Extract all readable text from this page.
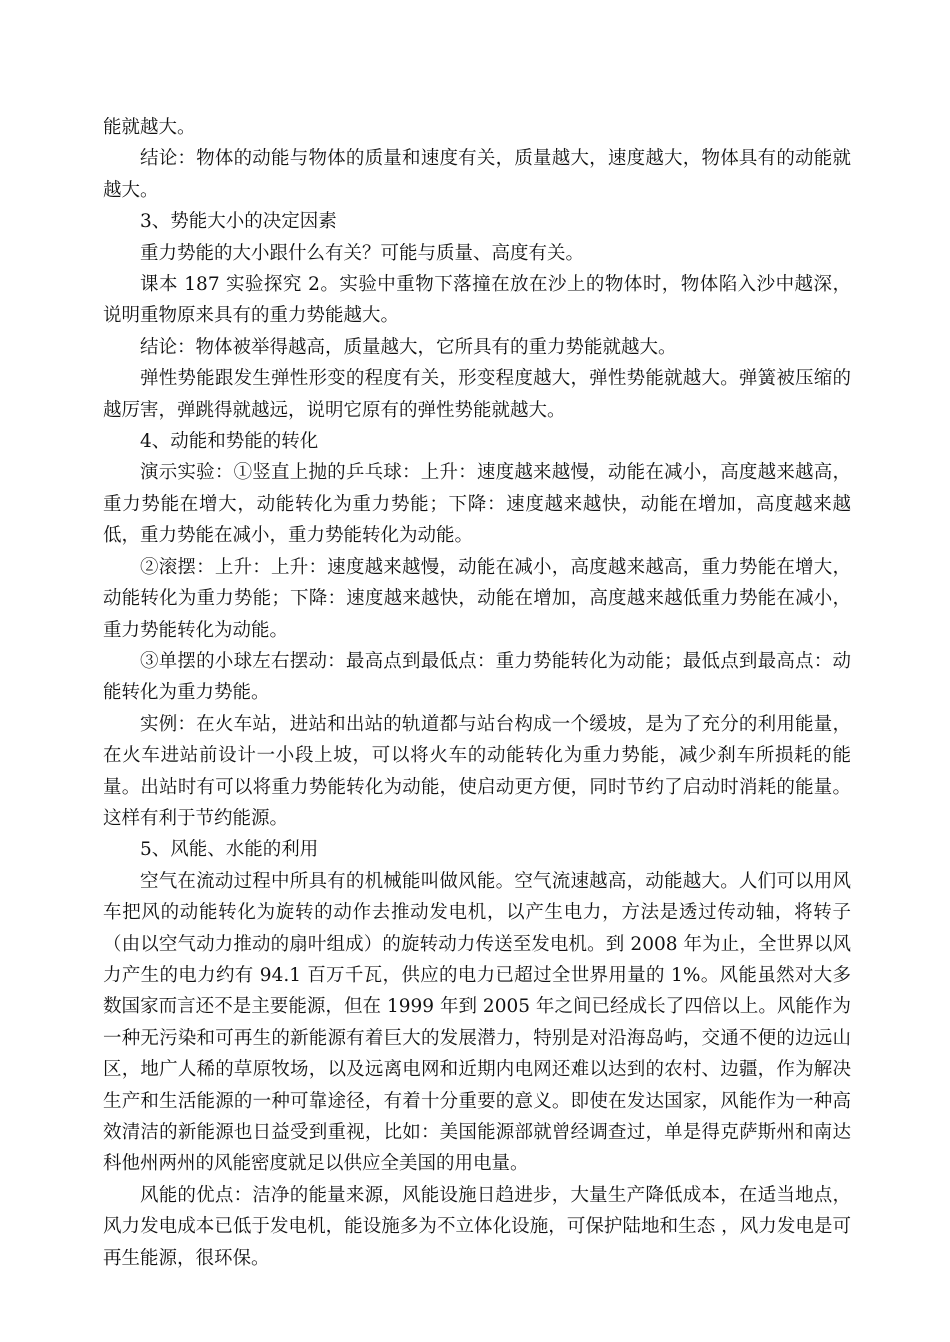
能就越大。

结论：物体的动能与物体的质量和速度有关，质量越大，速度越大，物体具有的动能就越大。

3、势能大小的决定因素

重力势能的大小跟什么有关？可能与质量、高度有关。

课本 187 实验探究 2。实验中重物下落撞在放在沙上的物体时，物体陷入沙中越深，说明重物原来具有的重力势能越大。

结论：物体被举得越高，质量越大，它所具有的重力势能就越大。

弹性势能跟发生弹性形变的程度有关，形变程度越大，弹性势能就越大。弹簧被压缩的越厉害，弹跳得就越远，说明它原有的弹性势能就越大。

4、动能和势能的转化

演示实验：①竖直上抛的乒乓球：上升：速度越来越慢，动能在减小，高度越来越高，重力势能在增大，动能转化为重力势能；下降：速度越来越快，动能在增加，高度越来越低，重力势能在减小，重力势能转化为动能。

②滚摆：上升：上升：速度越来越慢，动能在减小，高度越来越高，重力势能在增大，动能转化为重力势能；下降：速度越来越快，动能在增加，高度越来越低重力势能在减小，重力势能转化为动能。

③单摆的小球左右摆动：最高点到最低点：重力势能转化为动能；最低点到最高点：动能转化为重力势能。

实例：在火车站，进站和出站的轨道都与站台构成一个缓坡，是为了充分的利用能量，在火车进站前设计一小段上坡，可以将火车的动能转化为重力势能，减少刹车所损耗的能量。出站时有可以将重力势能转化为动能，使启动更方便，同时节约了启动时消耗的能量。这样有利于节约能源。

5、风能、水能的利用

空气在流动过程中所具有的机械能叫做风能。空气流速越高，动能越大。人们可以用风车把风的动能转化为旋转的动作去推动发电机，以产生电力，方法是透过传动轴，将转子（由以空气动力推动的扇叶组成）的旋转动力传送至发电机。到 2008 年为止，全世界以风力产生的电力约有 94.1 百万千瓦，供应的电力已超过全世界用量的 1%。风能虽然对大多数国家而言还不是主要能源，但在 1999 年到 2005 年之间已经成长了四倍以上。风能作为一种无污染和可再生的新能源有着巨大的发展潜力，特别是对沿海岛屿，交通不便的边远山区，地广人稀的草原牧场，以及远离电网和近期内电网还难以达到的农村、边疆，作为解决生产和生活能源的一种可靠途径，有着十分重要的意义。即使在发达国家，风能作为一种高效清洁的新能源也日益受到重视，比如：美国能源部就曾经调查过，单是得克萨斯州和南达科他州两州的风能密度就足以供应全美国的用电量。

风能的优点：洁净的能量来源，风能设施日趋进步，大量生产降低成本，在适当地点，风力发电成本已低于发电机，能设施多为不立体化设施，可保护陆地和生态 ，风力发电是可再生能源，很环保。
